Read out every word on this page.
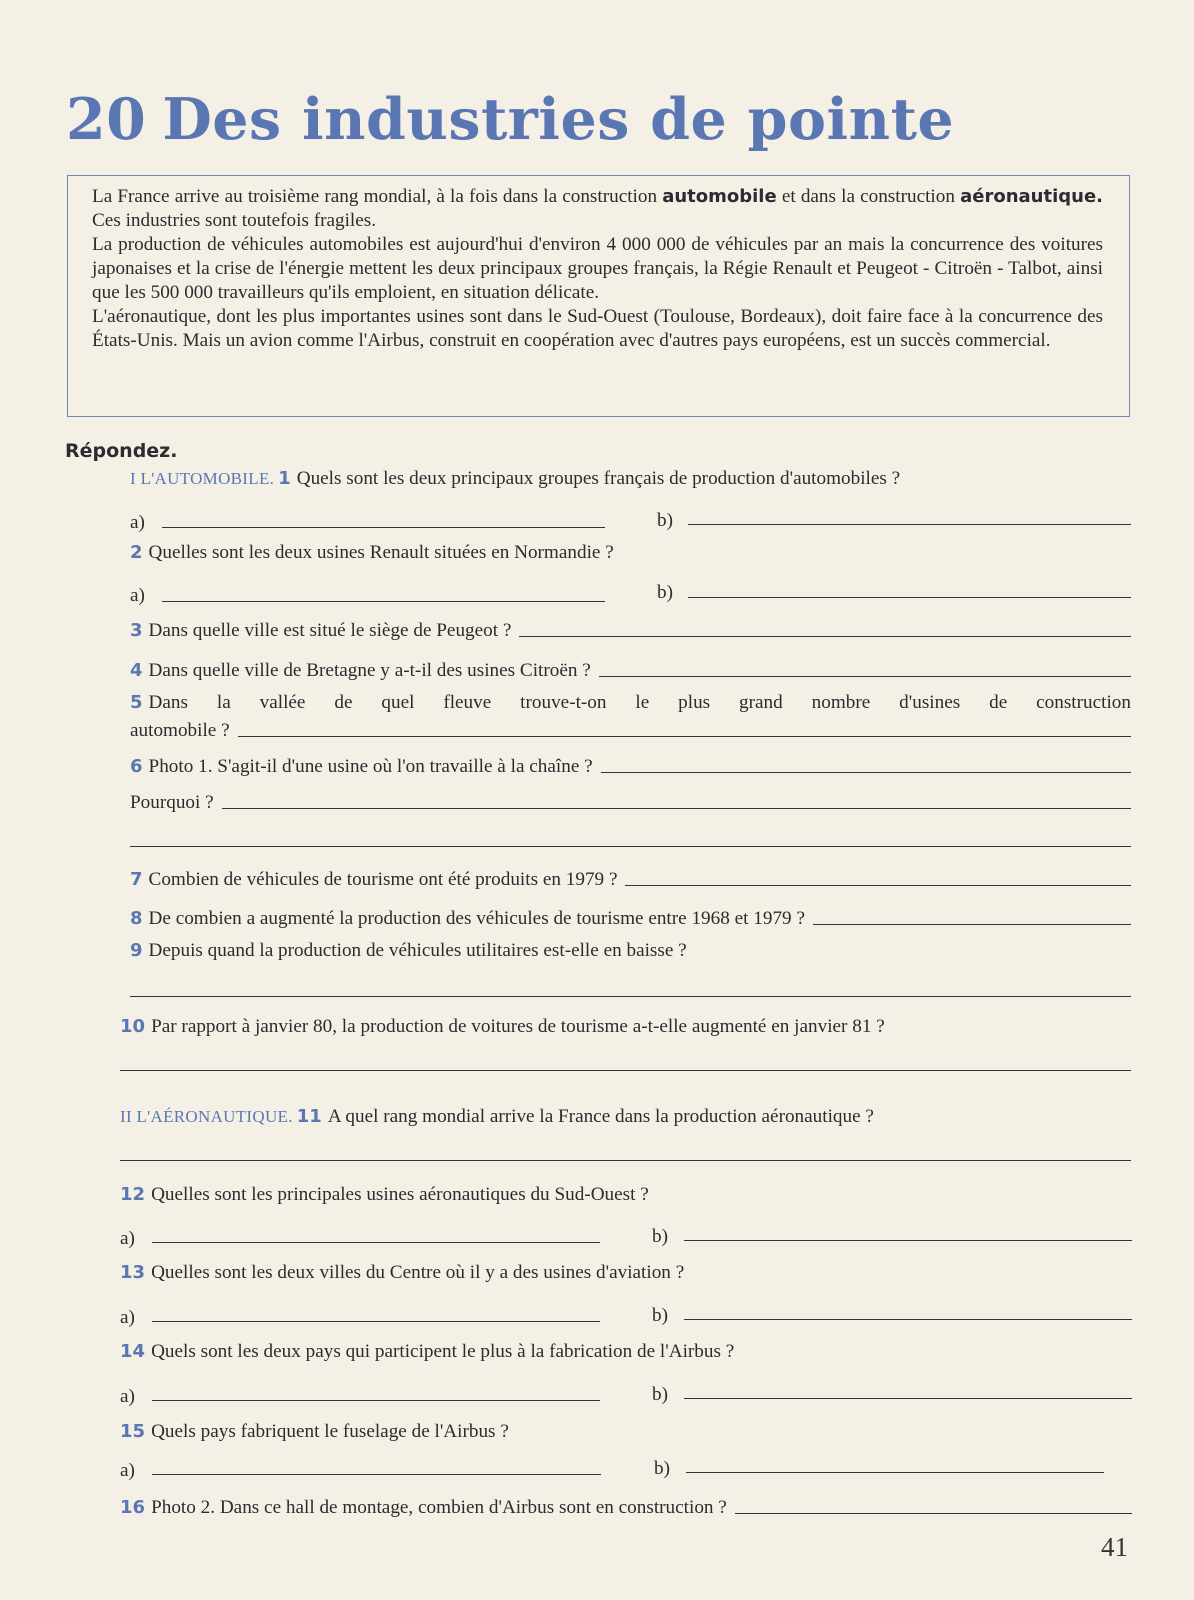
20 Des industries de pointe

La France arrive au troisième rang mondial, à la fois dans la construction automobile et dans la construction aéronautique. Ces industries sont toutefois fragiles.

La production de véhicules automobiles est aujourd'hui d'environ 4 000 000 de véhicules par an mais la concurrence des voitures japonaises et la crise de l'énergie mettent les deux principaux groupes français, la Régie Renault et Peugeot - Citroën - Talbot, ainsi que les 500 000 travailleurs qu'ils emploient, en situation délicate.

L'aéronautique, dont les plus importantes usines sont dans le Sud-Ouest (Toulouse, Bordeaux), doit faire face à la concurrence des États-Unis. Mais un avion comme l'Airbus, construit en coopération avec d'autres pays européens, est un succès commercial.

Répondez.
I L'AUTOMOBILE. 1 Quels sont les deux principaux groupes français de production d'automobiles ?
a)	b)
2 Quelles sont les deux usines Renault situées en Normandie ?
a)	b)
3 Dans quelle ville est situé le siège de Peugeot ?
4 Dans quelle ville de Bretagne y a-t-il des usines Citroën ?
5 Dans la vallée de quel fleuve trouve-t-on le plus grand nombre d'usines de construction
automobile ?
6 Photo 1. S'agit-il d'une usine où l'on travaille à la chaîne ?
Pourquoi ?
7 Combien de véhicules de tourisme ont été produits en 1979 ?
8 De combien a augmenté la production des véhicules de tourisme entre 1968 et 1979 ?
9 Depuis quand la production de véhicules utilitaires est-elle en baisse ?
10 Par rapport à janvier 80, la production de voitures de tourisme a-t-elle augmenté en janvier 81 ?
II L'AÉRONAUTIQUE. 11 A quel rang mondial arrive la France dans la production aéronautique ?
12 Quelles sont les principales usines aéronautiques du Sud-Ouest ?
a)	b)
13 Quelles sont les deux villes du Centre où il y a des usines d'aviation ?
a)	b)
14 Quels sont les deux pays qui participent le plus à la fabrication de l'Airbus ?
a)	b)
15 Quels pays fabriquent le fuselage de l'Airbus ?
a)	b)
16 Photo 2. Dans ce hall de montage, combien d'Airbus sont en construction ?
41
